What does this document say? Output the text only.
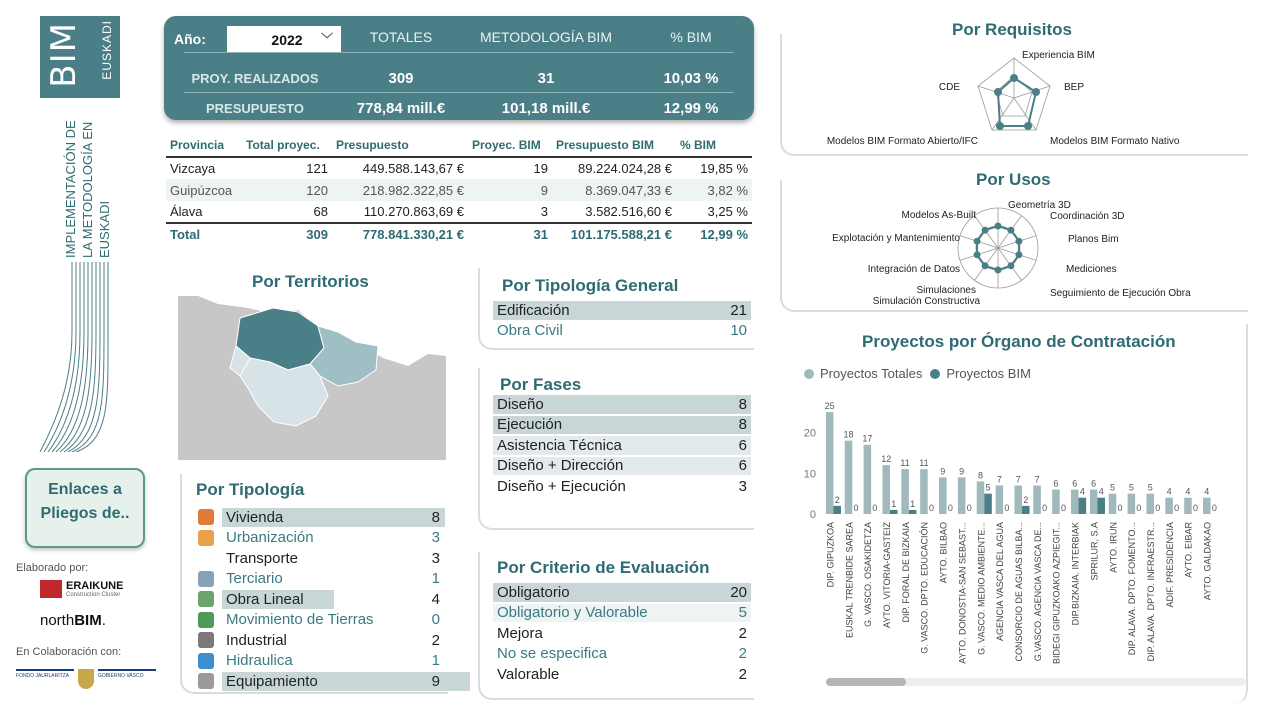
BIM EUSKADI
IMPLEMENTACIÓN DE LA METODOLOGÍA EN EUSKADI
Enlaces a Pliegos de..
Elaborado por:
ERAIKUNE
Construction Cluster
northBIM.
En Colaboración con:
FONDO JAURLARITZA	GOBIERNO VASCO
Año:	2022 ﹀	TOTALES	METODOLOGÍA BIM	% BIM
PROY. REALIZADOS	309	31	10,03 %
PRESUPUESTO	778,84 mill.€	101,18 mill.€	12,99 %
Provincia	Total proyec.	Presupuesto	Proyec. BIM	Presupuesto BIM	% BIM
Vizcaya	121	449.588.143,67 €	19	89.224.024,28 €	19,85 %
Guipúzcoa	120	218.982.322,85 €	9	8.369.047,33 €	3,82 %
Álava	68	110.270.863,69 €	3	3.582.516,60 €	3,25 %
Total	309	778.841.330,21 €	31	101.175.588,21 €	12,99 %
Por Territorios
Por Tipología
Vivienda	8
Urbanización	3
Transporte	3
Terciario	1
Obra Lineal	4
Movimiento de Tierras	0
Industrial	2
Hidraulica	1
Equipamiento	9
Por Tipología General
Edificación	21
Obra Civil	10
Por Fases
Diseño	8
Ejecución	8
Asistencia Técnica	6
Diseño + Dirección	6
Diseño + Ejecución	3
Por Criterio de Evaluación
Obligatorio	20
Obligatorio y Valorable	5
Mejora	2
No se especifica	2
Valorable	2
Por Requisitos
Experiencia BIM
BEP
Modelos BIM Formato Nativo
Modelos BIM Formato Abierto/IFC
CDE
Por Usos
Geometría 3D
Coordinación 3D
Planos Bim
Mediciones
Seguimiento de Ejecución Obra
Simulación Constructiva
Simulaciones
Integración de Datos
Explotación y Mantenimiento
Modelos As-Built
Proyectos por Órgano de Contratación
Proyectos Totales Proyectos BIM
0
10
20
25
2
DIP. GIPUZKOA
18
0
EUSKAL TRENBIDE SAREA
17
0
G. VASCO. OSAKIDETZA
12
1
AYTO. VITORIA-GASTEIZ
11
1
DIP. FORAL DE BIZKAIA
11
0
G. VASCO. DPTO. EDUCACIÓN
9
0
AYTO. BILBAO
9
0
AYTO. DONOSTIA-SAN SEBAST...
8
5
G. VASCO. MEDIO AMBIENTE...
7
0
AGENCIA VASCA DEL AGUA
7
2
CONSORCIO DE AGUAS BILBA...
7
0
G.VASCO. AGENCIA VASCA DE...
6
0
BIDEGI GIPUZKOAKO AZPIEGIT...
6
4
DIP.BIZKAIA. INTERBIAK
6
4
SPRILUR, S.A
5
0
AYTO. IRUN
5
0
DIP. ALAVA. DPTO. FOMENTO...
5
0
DIP. ALAVA. DPTO. INFRAESTR...
4
0
ADIF. PRESIDENCIA
4
0
AYTO. EIBAR
4
0
AYTO. GALDAKAO
